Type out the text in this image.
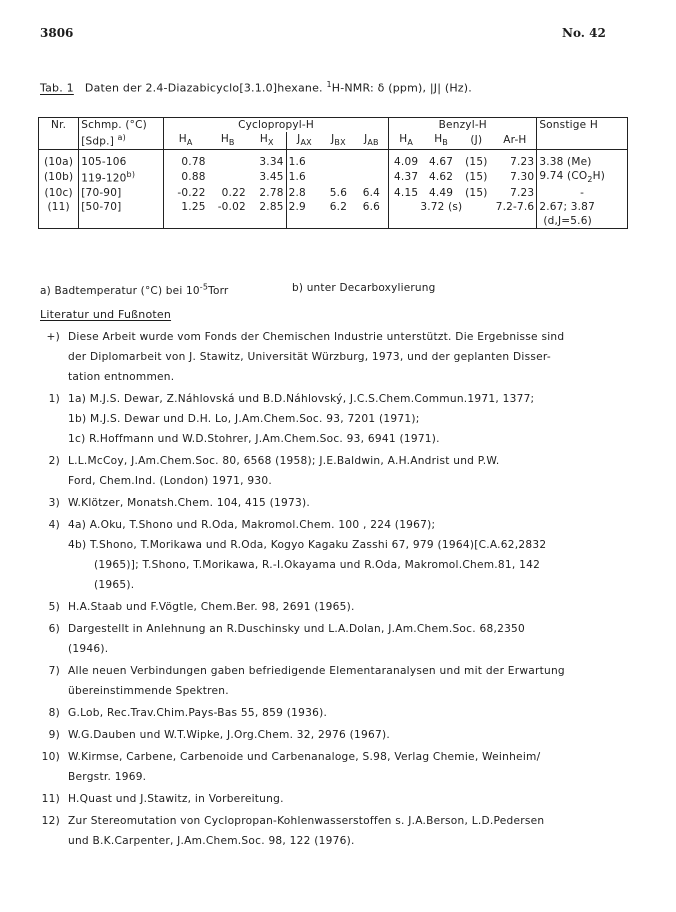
3806	No. 42
Tab. 1 Daten der 2.4-Diazabicyclo[3.1.0]hexane. $^1$H-NMR: δ (ppm), |J| (Hz).
Nr.	Schmp. (°C)	Cyclopropyl-H						Benzyl-H				Sonstige H
	[Sdp.] $^{a)}$	$H_A$	$H_B$	$H_X$	$J_{AX}$	$J_{BX}$	$J_{AB}$	$H_A$	$H_B$	(J)	Ar-H	

(10a)	105-106	0.78		3.34	1.6			4.09	4.67	(15)	7.23	3.38 (Me)
(10b)	119-120$^{b)}$	0.88		3.45	1.6			4.37	4.62	(15)	7.30	9.74 $(CO_2H)$
(10c)	[70-90]	-0.22	0.22	2.78	2.8	5.6	6.4	4.15	4.49	(15)	7.23	-
(11)	[50-70]	1.25	-0.02	2.85	2.9	6.2	6.6	3.72 (s)			7.2-7.6	2.67; 3.87
												(d,J=5.6)
a) Badtemperatur (°C) bei $10^{-5}Torr$	b) unter Decarboxylierung
Literatur und Fußnoten
+) Diese Arbeit wurde vom Fonds der Chemischen Industrie unterstützt. Die Ergebnisse sind
der Diplomarbeit von J. Stawitz, Universität Würzburg, 1973, und der geplanten Disser-
tation entnommen.
1) 1a) M.J.S. Dewar, Z.Náhlovská und B.D.Náhlovský, J.C.S.Chem.Commun.1971, 1377;
1b) M.J.S. Dewar und D.H. Lo, J.Am.Chem.Soc. 93, 7201 (1971);
1c) R.Hoffmann und W.D.Stohrer, J.Am.Chem.Soc. 93, 6941 (1971).
2) L.L.McCoy, J.Am.Chem.Soc. 80, 6568 (1958); J.E.Baldwin, A.H.Andrist und P.W.
Ford, Chem.Ind. (London) 1971, 930.
3) W.Klötzer, Monatsh.Chem. 104, 415 (1973).
4) 4a) A.Oku, T.Shono und R.Oda, Makromol.Chem. 100 , 224 (1967);
4b) T.Shono, T.Morikawa und R.Oda, Kogyo Kagaku Zasshi 67, 979 (1964)[C.A.62,2832
(1965)]; T.Shono, T.Morikawa, R.-I.Okayama und R.Oda, Makromol.Chem.81, 142
(1965).
5) H.A.Staab und F.Vögtle, Chem.Ber. 98, 2691 (1965).
6) Dargestellt in Anlehnung an R.Duschinsky und L.A.Dolan, J.Am.Chem.Soc. 68,2350
(1946).
7) Alle neuen Verbindungen gaben befriedigende Elementaranalysen und mit der Erwartung
übereinstimmende Spektren.
8) G.Lob, Rec.Trav.Chim.Pays-Bas 55, 859 (1936).
9) W.G.Dauben und W.T.Wipke, J.Org.Chem. 32, 2976 (1967).
10) W.Kirmse, Carbene, Carbenoide und Carbenanaloge, S.98, Verlag Chemie, Weinheim/
Bergstr. 1969.
11) H.Quast und J.Stawitz, in Vorbereitung.
12) Zur Stereomutation von Cyclopropan-Kohlenwasserstoffen s. J.A.Berson, L.D.Pedersen
und B.K.Carpenter, J.Am.Chem.Soc. 98, 122 (1976).
